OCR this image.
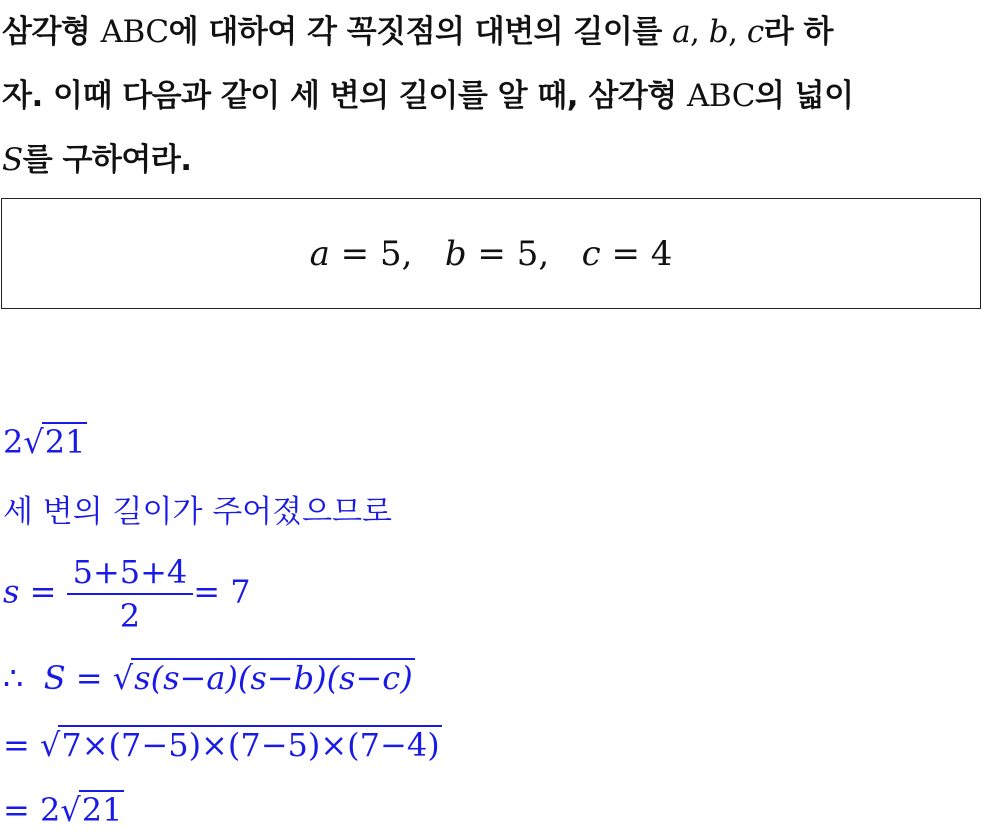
삼각형 ABC에 대하여 각 꼭짓점의 대변의 길이를 a, b, c라 하
자. 이때 다음과 같이 세 변의 길이를 알 때, 삼각형 ABC의 넓이
S를 구하여라.
a = 5, b = 5, c = 4
2√21
세 변의 길이가 주어졌으므로
$s = \frac{5+5+4}{2} = 7$
∴ S = √s(s−a)(s−b)(s−c)
= √7×(7−5)×(7−5)×(7−4)
= 2√21
